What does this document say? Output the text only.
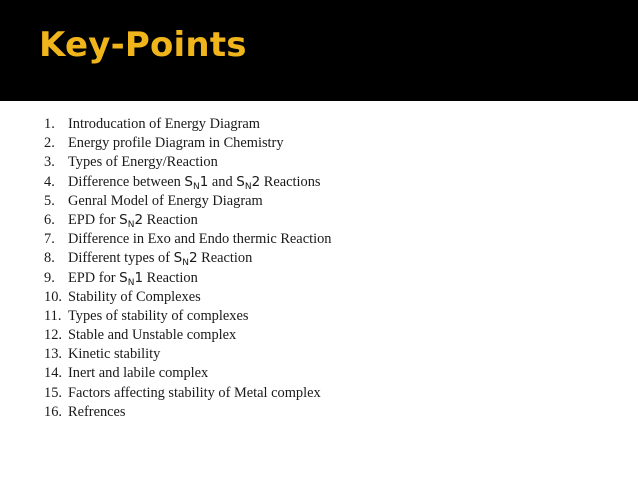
Key-Points
1. Introducation of Energy Diagram
2. Energy profile Diagram in Chemistry
3. Types of Energy/Reaction
4. Difference between $S_N1$ and $S_N2$ Reactions
5. Genral Model of Energy Diagram
6. EPD for $S_N2$ Reaction
7. Difference in Exo and Endo thermic Reaction
8. Different types of $S_N2$ Reaction
9. EPD for $S_N1$ Reaction
10. Stability of Complexes
11. Types of stability of complexes
12. Stable and Unstable complex
13. Kinetic stability
14. Inert and labile complex
15. Factors affecting stability of Metal complex
16. Refrences
